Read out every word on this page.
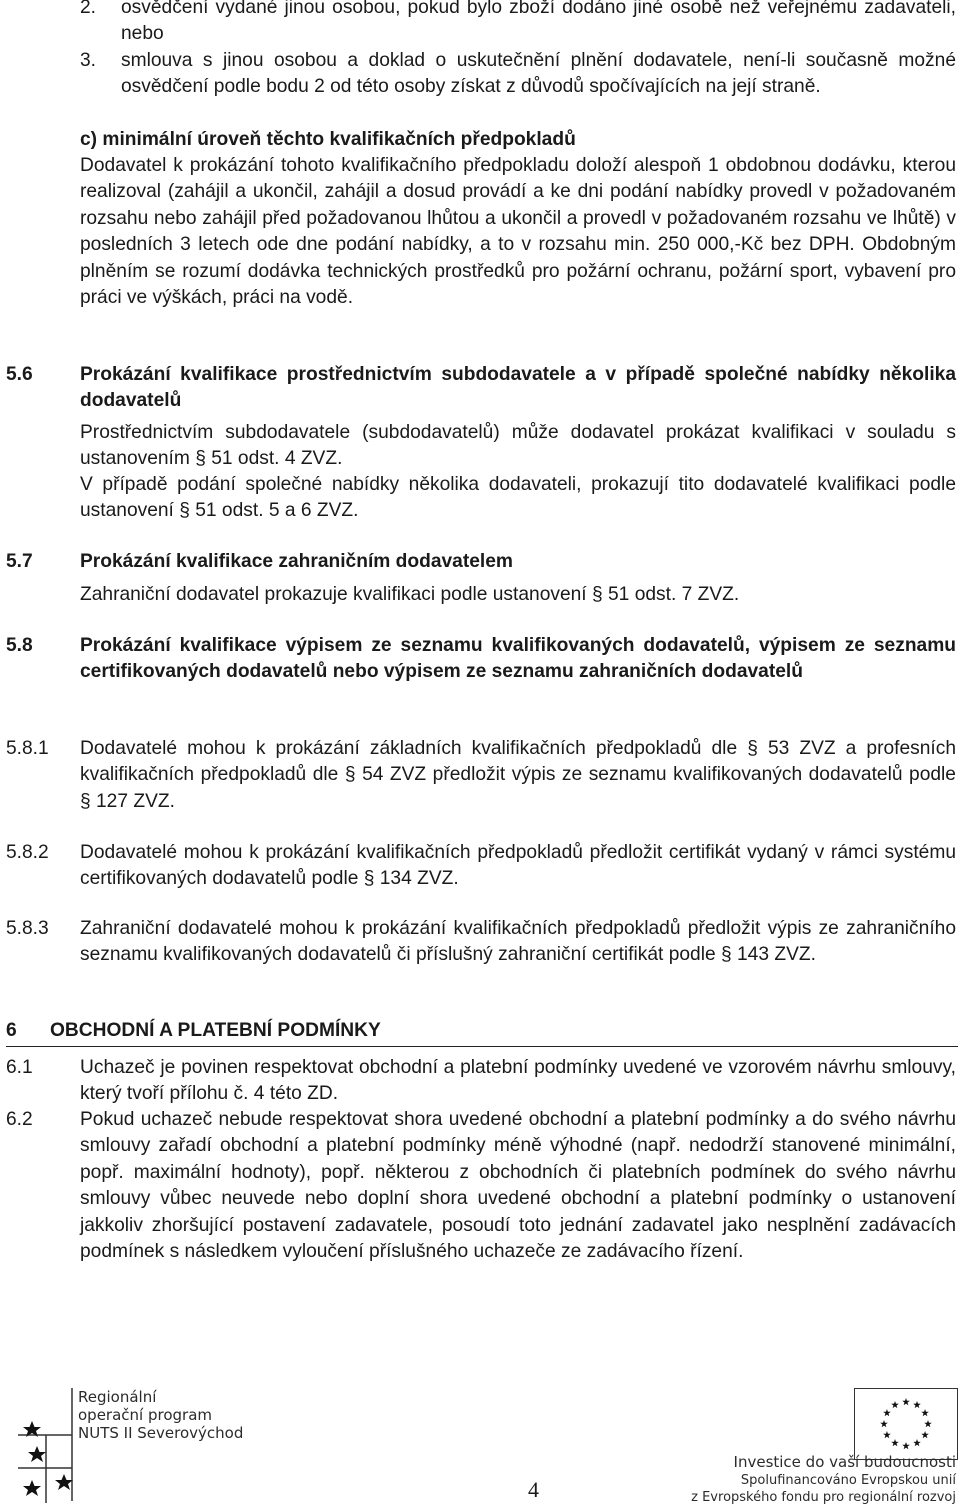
2. osvědčení vydané jinou osobou, pokud bylo zboží dodáno jiné osobě než veřejnému zadavateli, nebo
3. smlouva s jinou osobou a doklad o uskutečnění plnění dodavatele, není-li současně možné osvědčení podle bodu 2 od této osoby získat z důvodů spočívajících na její straně.
c) minimální úroveň těchto kvalifikačních předpokladů
Dodavatel k prokázání tohoto kvalifikačního předpokladu doloží alespoň 1 obdobnou dodávku, kterou realizoval (zahájil a ukončil, zahájil a dosud provádí a ke dni podání nabídky provedl v požadovaném rozsahu nebo zahájil před požadovanou lhůtou a ukončil a provedl v požadovaném rozsahu ve lhůtě) v posledních 3 letech ode dne podání nabídky, a to v rozsahu min. 250 000,-Kč bez DPH. Obdobným plněním se rozumí dodávka technických prostředků pro požární ochranu, požární sport, vybavení pro práci ve výškách, práci na vodě.
5.6 Prokázání kvalifikace prostřednictvím subdodavatele a v případě společné nabídky několika dodavatelů
Prostřednictvím subdodavatele (subdodavatelů) může dodavatel prokázat kvalifikaci v souladu s ustanovením § 51 odst. 4 ZVZ.
V případě podání společné nabídky několika dodavateli, prokazují tito dodavatelé kvalifikaci podle ustanovení § 51 odst. 5 a 6 ZVZ.
5.7 Prokázání kvalifikace zahraničním dodavatelem
Zahraniční dodavatel prokazuje kvalifikaci podle ustanovení § 51 odst. 7 ZVZ.
5.8 Prokázání kvalifikace výpisem ze seznamu kvalifikovaných dodavatelů, výpisem ze seznamu certifikovaných dodavatelů nebo výpisem ze seznamu zahraničních dodavatelů
5.8.1 Dodavatelé mohou k prokázání základních kvalifikačních předpokladů dle § 53 ZVZ a profesních kvalifikačních předpokladů dle § 54 ZVZ předložit výpis ze seznamu kvalifikovaných dodavatelů podle § 127 ZVZ.
5.8.2 Dodavatelé mohou k prokázání kvalifikačních předpokladů předložit certifikát vydaný v rámci systému certifikovaných dodavatelů podle § 134 ZVZ.
5.8.3 Zahraniční dodavatelé mohou k prokázání kvalifikačních předpokladů předložit výpis ze zahraničního seznamu kvalifikovaných dodavatelů či příslušný zahraniční certifikát podle § 143 ZVZ.
6 OBCHODNÍ A PLATEBNÍ PODMÍNKY
6.1 Uchazeč je povinen respektovat obchodní a platební podmínky uvedené ve vzorovém návrhu smlouvy, který tvoří přílohu č. 4 této ZD.
6.2 Pokud uchazeč nebude respektovat shora uvedené obchodní a platební podmínky a do svého návrhu smlouvy zařadí obchodní a platební podmínky méně výhodné (např. nedodrží stanovené minimální, popř. maximální hodnoty), popř. některou z obchodních či platebních podmínek do svého návrhu smlouvy vůbec neuvede nebo doplní shora uvedené obchodní a platební podmínky o ustanovení jakkoliv zhoršující postavení zadavatele, posoudí toto jednání zadavatel jako nesplnění zadávacích podmínek s následkem vyloučení příslušného uchazeče ze zadávacího řízení.
Regionální
operační program
NUTS II Severovýchod
4
Investice do vaší budoucnosti
Spolufinancováno Evropskou unií
z Evropského fondu pro regionální rozvoj
